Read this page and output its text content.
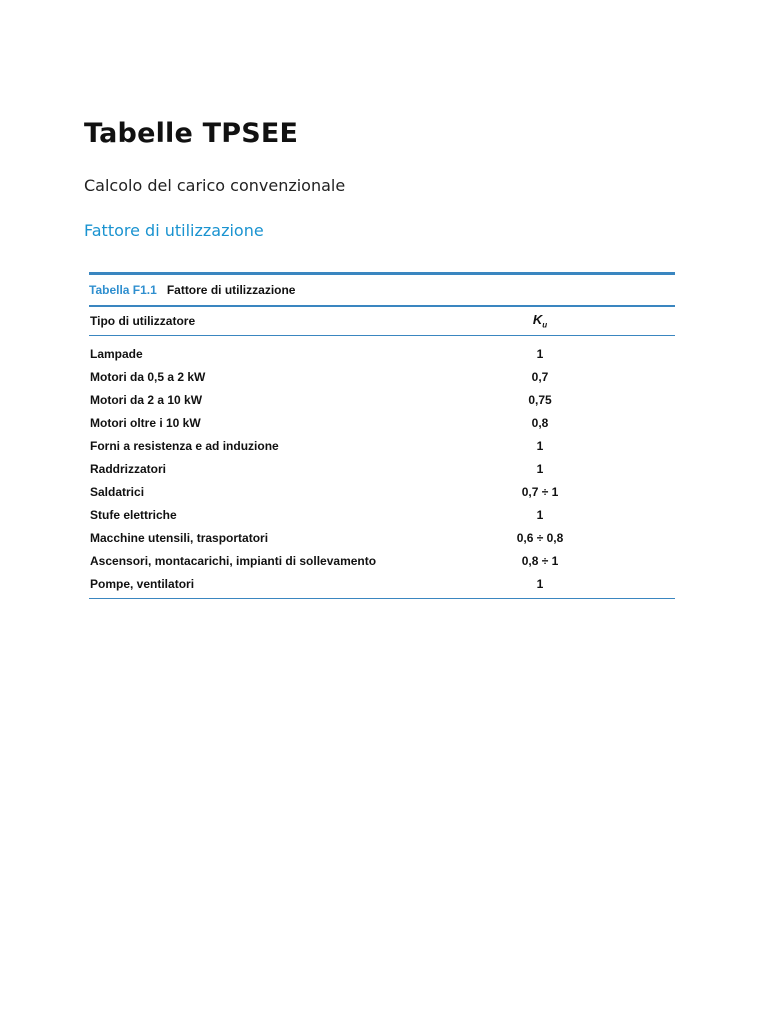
Tabelle TPSEE

Calcolo del carico convenzionale

Fattore di utilizzazione

Tabella F1.1 Fattore di utilizzazione
Tipo di utilizzatore	$K_u$
Lampade	1
Motori da 0,5 a 2 kW	0,7
Motori da 2 a 10 kW	0,75
Motori oltre i 10 kW	0,8
Forni a resistenza e ad induzione	1
Raddrizzatori	1
Saldatrici	0,7 ÷ 1
Stufe elettriche	1
Macchine utensili, trasportatori	0,6 ÷ 0,8
Ascensori, montacarichi, impianti di sollevamento	0,8 ÷ 1
Pompe, ventilatori	1
